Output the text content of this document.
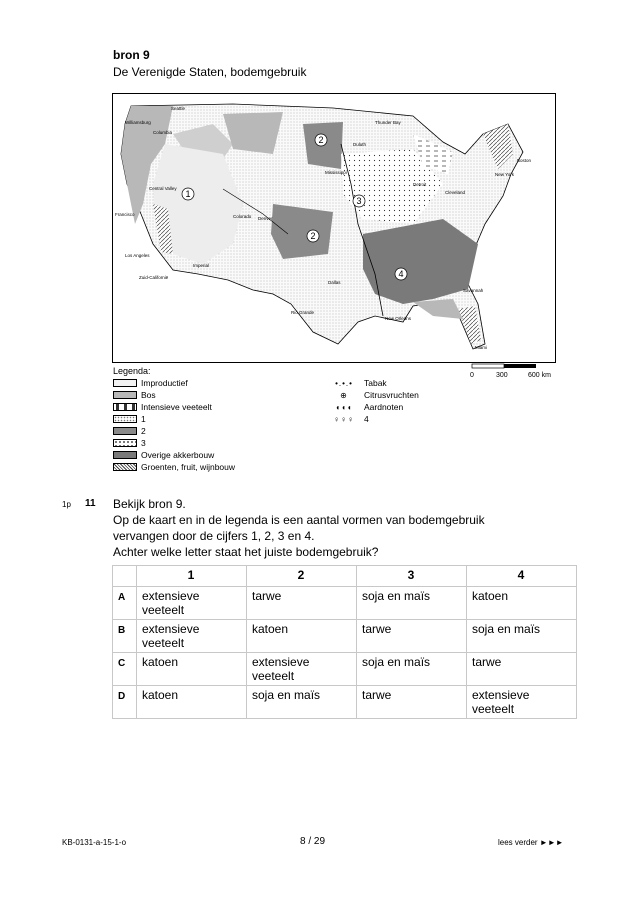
bron 9
De Verenigde Staten, bodemgebruik
1
2
2
3
4
Seattle
Williamsburg
Columbia
Central Valley
Francisco
Los Angeles
Zuid-Californië
Imperial
Denver
Colorado
Rio Grande
Dallas
Duluth
Thunder Bay
Detroit
Cleveland
Boston
New York
Mississippi
New Orleans
Savannah
Miami
0	300	600 km
Legenda:
Improductief
Bos
Intensieve veeteelt
1
2
3
Overige akkerbouw
Groenten, fruit, wijnbouw
•.•.•	Tabak
⊕	Citrusvruchten
◖◖◖	Aardnoten
♀♀♀	4
1p 11 Bekijk bron 9.
Op de kaart en in de legenda is een aantal vormen van bodemgebruik
vervangen door de cijfers 1, 2, 3 en 4.
Achter welke letter staat het juiste bodemgebruik?
	1	2	3	4
A	extensieve veeteelt	tarwe	soja en maïs	katoen
B	extensieve veeteelt	katoen	tarwe	soja en maïs
C	katoen	extensieve veeteelt	soja en maïs	tarwe
D	katoen	soja en maïs	tarwe	extensieve veeteelt
KB-0131-a-15-1-o	8 / 29	lees verder ►►►
